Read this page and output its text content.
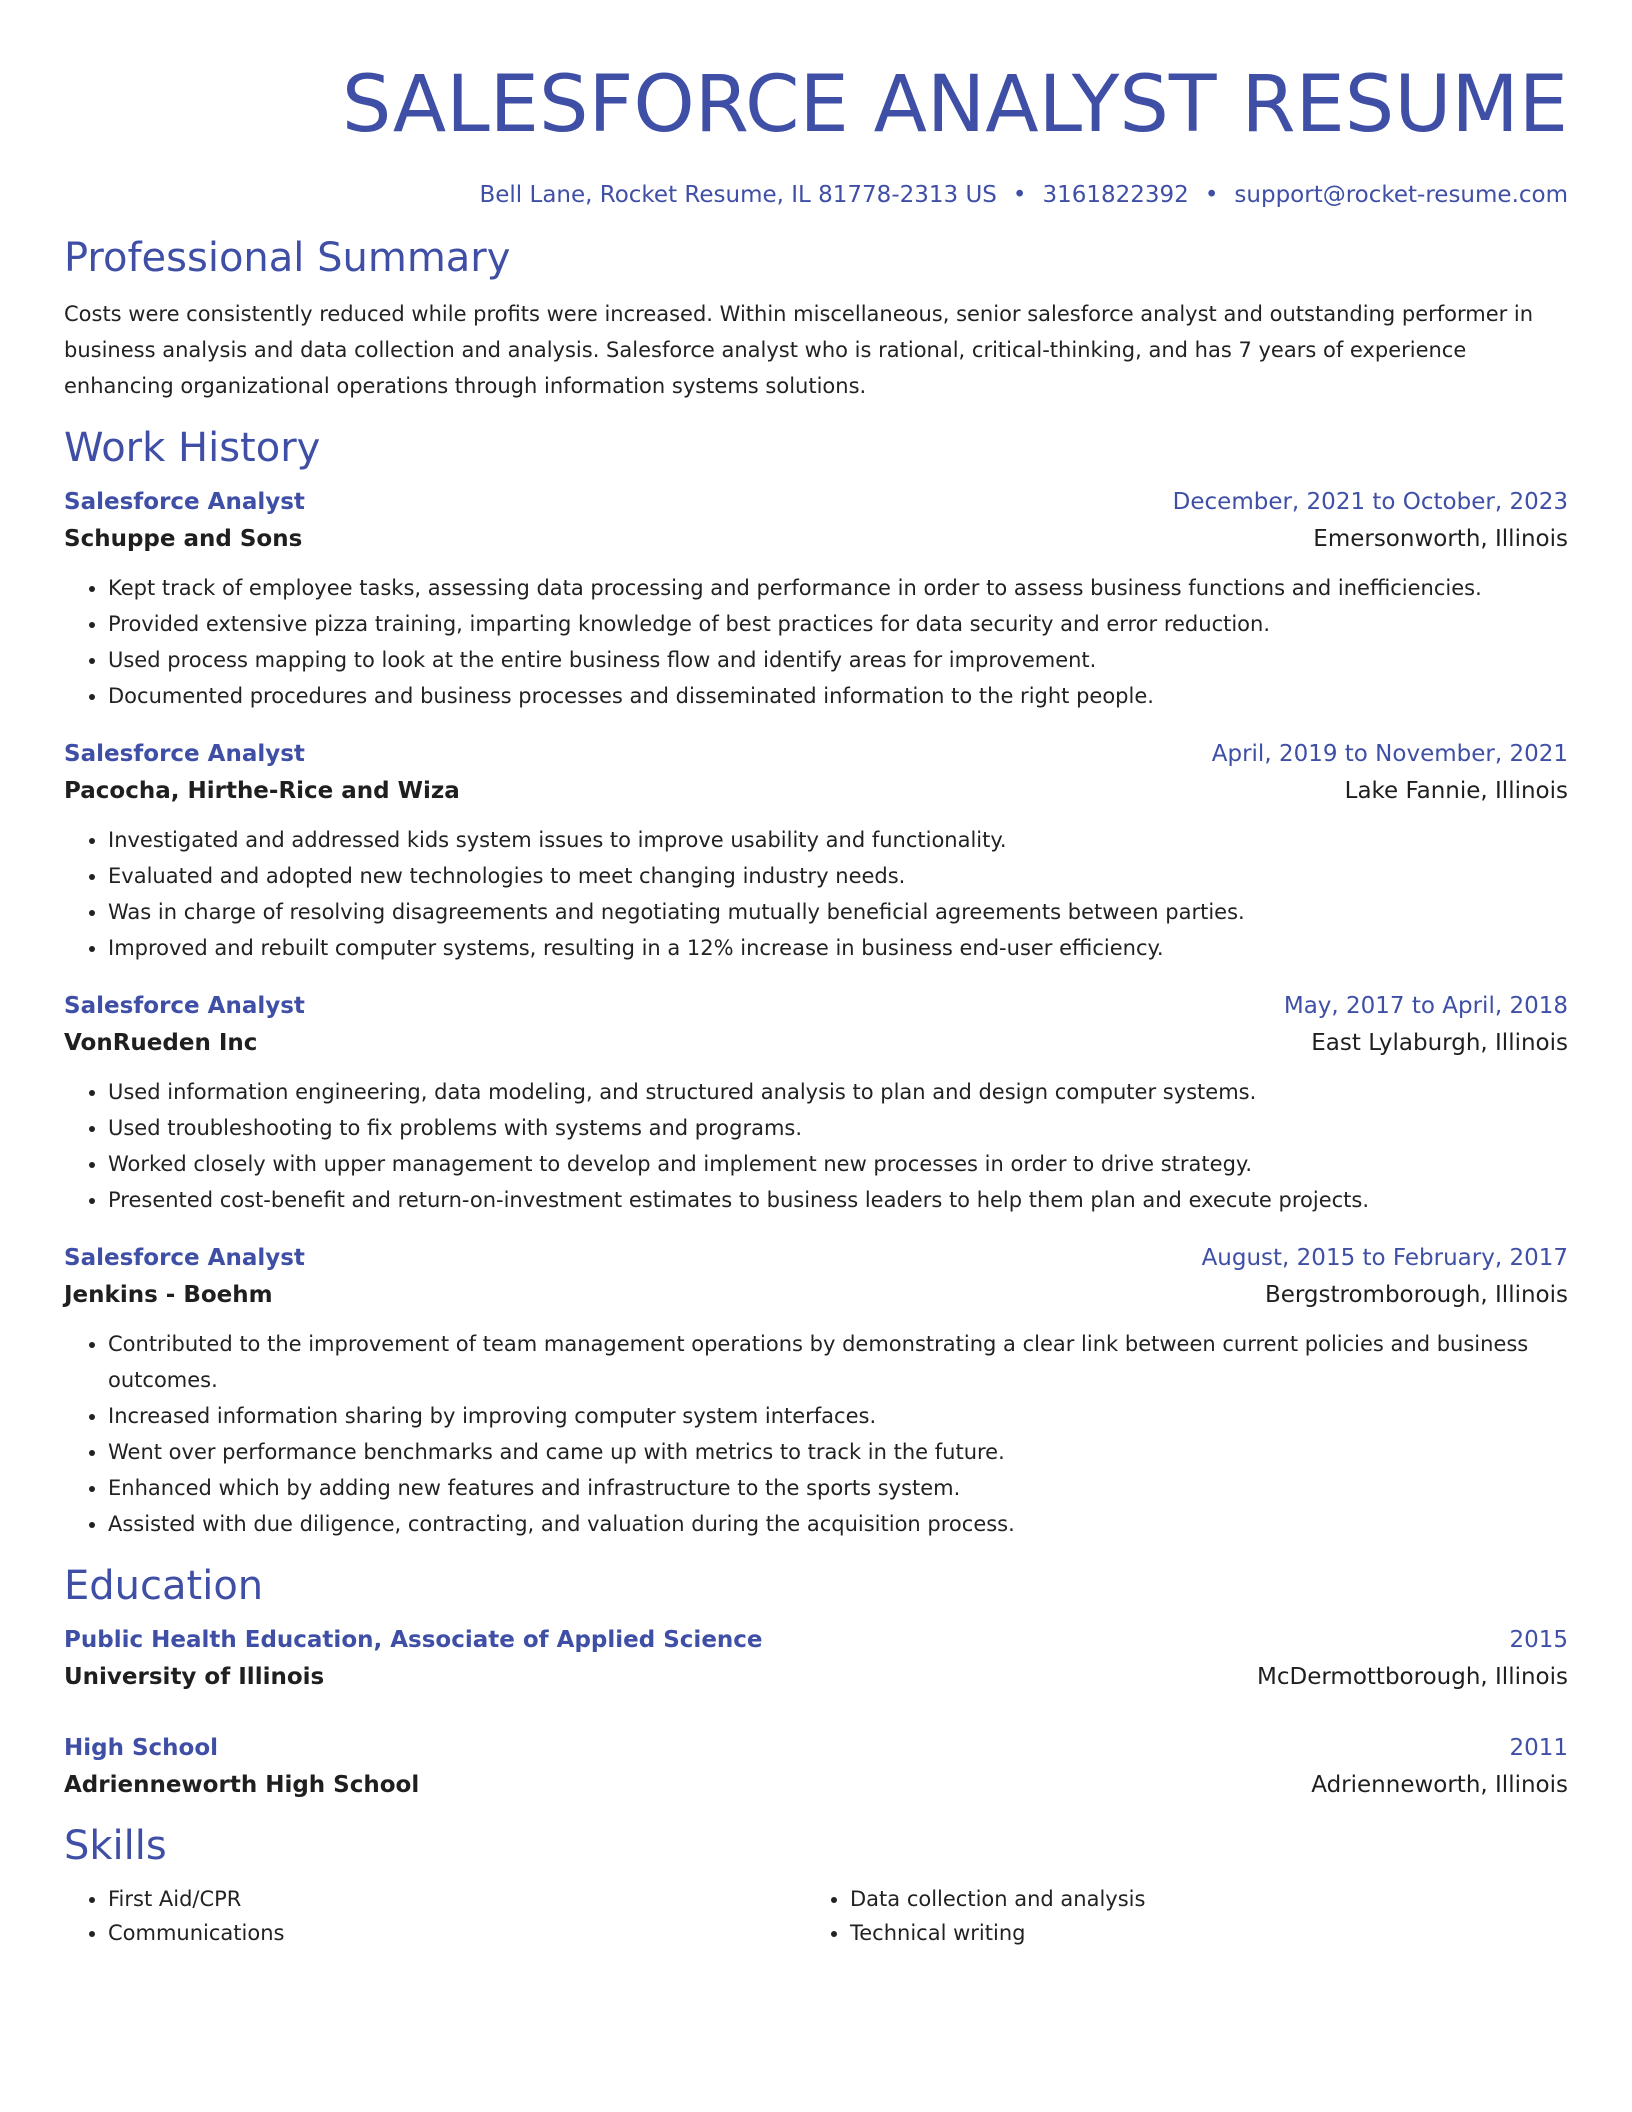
SALESFORCE ANALYST RESUME
Bell Lane, Rocket Resume, IL 81778-2313 US • 3161822392 • support@rocket-resume.com
Professional Summary

Costs were consistently reduced while profits were increased. Within miscellaneous, senior salesforce analyst and outstanding performer in business analysis and data collection and analysis. Salesforce analyst who is rational, critical-thinking, and has 7 years of experience enhancing organizational operations through information systems solutions.

Work History
Salesforce Analyst	December, 2021 to October, 2023
Schuppe and Sons	Emersonworth, Illinois
• Kept track of employee tasks, assessing data processing and performance in order to assess business functions and inefficiencies.
• Provided extensive pizza training, imparting knowledge of best practices for data security and error reduction.
• Used process mapping to look at the entire business flow and identify areas for improvement.
• Documented procedures and business processes and disseminated information to the right people.
Salesforce Analyst	April, 2019 to November, 2021
Pacocha, Hirthe-Rice and Wiza	Lake Fannie, Illinois
• Investigated and addressed kids system issues to improve usability and functionality.
• Evaluated and adopted new technologies to meet changing industry needs.
• Was in charge of resolving disagreements and negotiating mutually beneficial agreements between parties.
• Improved and rebuilt computer systems, resulting in a 12% increase in business end-user efficiency.
Salesforce Analyst	May, 2017 to April, 2018
VonRueden Inc	East Lylaburgh, Illinois
• Used information engineering, data modeling, and structured analysis to plan and design computer systems.
• Used troubleshooting to fix problems with systems and programs.
• Worked closely with upper management to develop and implement new processes in order to drive strategy.
• Presented cost-benefit and return-on-investment estimates to business leaders to help them plan and execute projects.
Salesforce Analyst	August, 2015 to February, 2017
Jenkins - Boehm	Bergstromborough, Illinois
• Contributed to the improvement of team management operations by demonstrating a clear link between current policies and business outcomes.
• Increased information sharing by improving computer system interfaces.
• Went over performance benchmarks and came up with metrics to track in the future.
• Enhanced which by adding new features and infrastructure to the sports system.
• Assisted with due diligence, contracting, and valuation during the acquisition process.
Education
Public Health Education, Associate of Applied Science	2015
University of Illinois	McDermottborough, Illinois
High School	2011
Adrienneworth High School	Adrienneworth, Illinois
Skills
• First Aid/CPR
• Communications
• Data collection and analysis
• Technical writing
